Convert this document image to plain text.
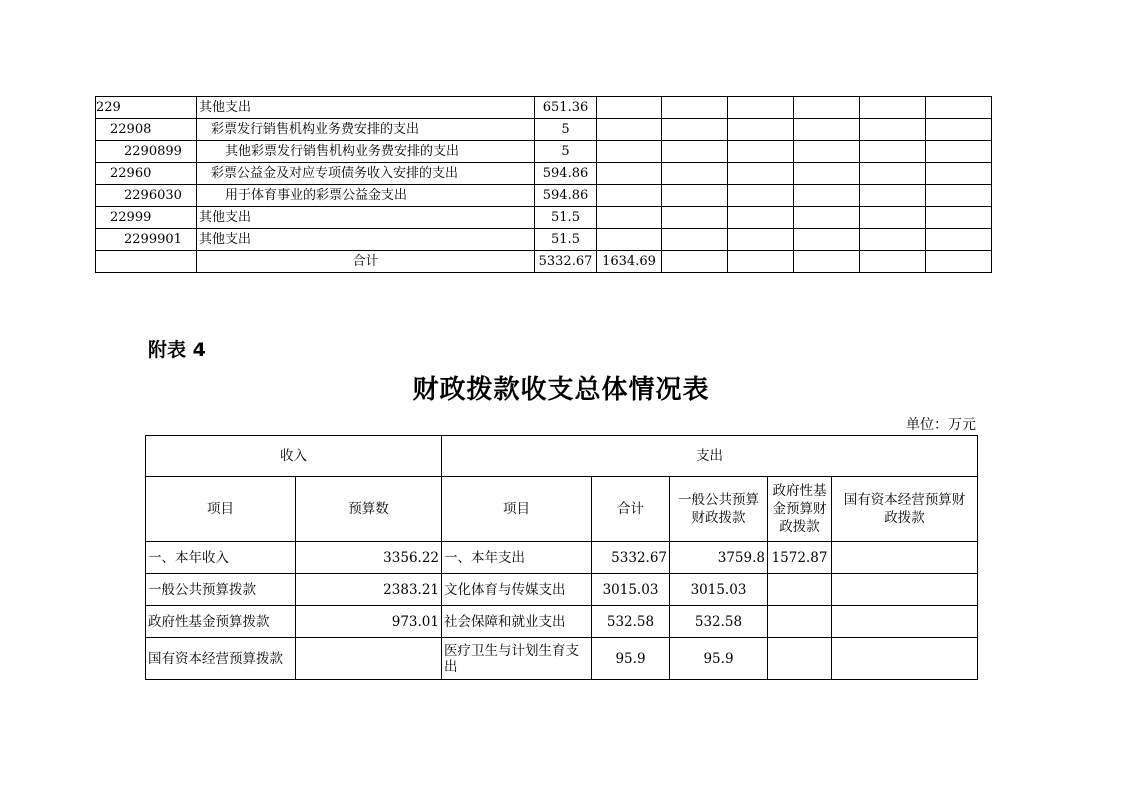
229	其他支出	651.36						
22908	彩票发行销售机构业务费安排的支出	5						
2290899	其他彩票发行销售机构业务费安排的支出	5						
22960	彩票公益金及对应专项债务收入安排的支出	594.86						
2296030	用于体育事业的彩票公益金支出	594.86						
22999	其他支出	51.5						
2299901	其他支出	51.5						
	合计	5332.67	1634.69					
附表 4
财政拨款收支总体情况表
单位：万元
收入		支出				
项目	预算数	项目	合计	一般公共预算财政拨款	政府性基金预算财政拨款	国有资本经营预算财政拨款
一、本年收入	3356.22	一、本年支出	5332.67	3759.8	1572.87	
一般公共预算拨款	2383.21	文化体育与传媒支出	3015.03	3015.03		
政府性基金预算拨款	973.01	社会保障和就业支出	532.58	532.58		
国有资本经营预算拨款		医疗卫生与计划生育支出	95.9	95.9		
